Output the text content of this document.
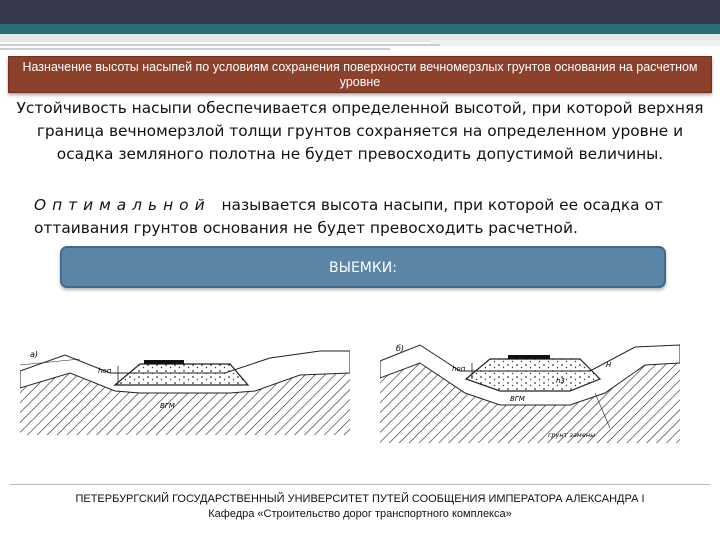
Назначение высоты насыпей по условиям сохранения поверхности вечномерзлых грунтов основания на расчетном уровне
Устойчивость насыпи обеспечивается определенной высотой, при которой верхняя граница вечномерзлой толщи грунтов сохраняется на определенном уровне и осадка земляного полотна не будет превосходить допустимой величины.
Оптимальной называется высота насыпи, при которой ее осадка от оттаивания грунтов основания не будет превосходить расчетной.
ВЫЕМКИ:
а)
hоп
ВГМ
б)
hоп
h3
H
ВГМ
грунт замены
ПЕТЕРБУРГСКИЙ ГОСУДАРСТВЕННЫЙ УНИВЕРСИТЕТ ПУТЕЙ СООБЩЕНИЯ ИМПЕРАТОРА АЛЕКСАНДРА I
Кафедра «Строительство дорог транспортного комплекса»
